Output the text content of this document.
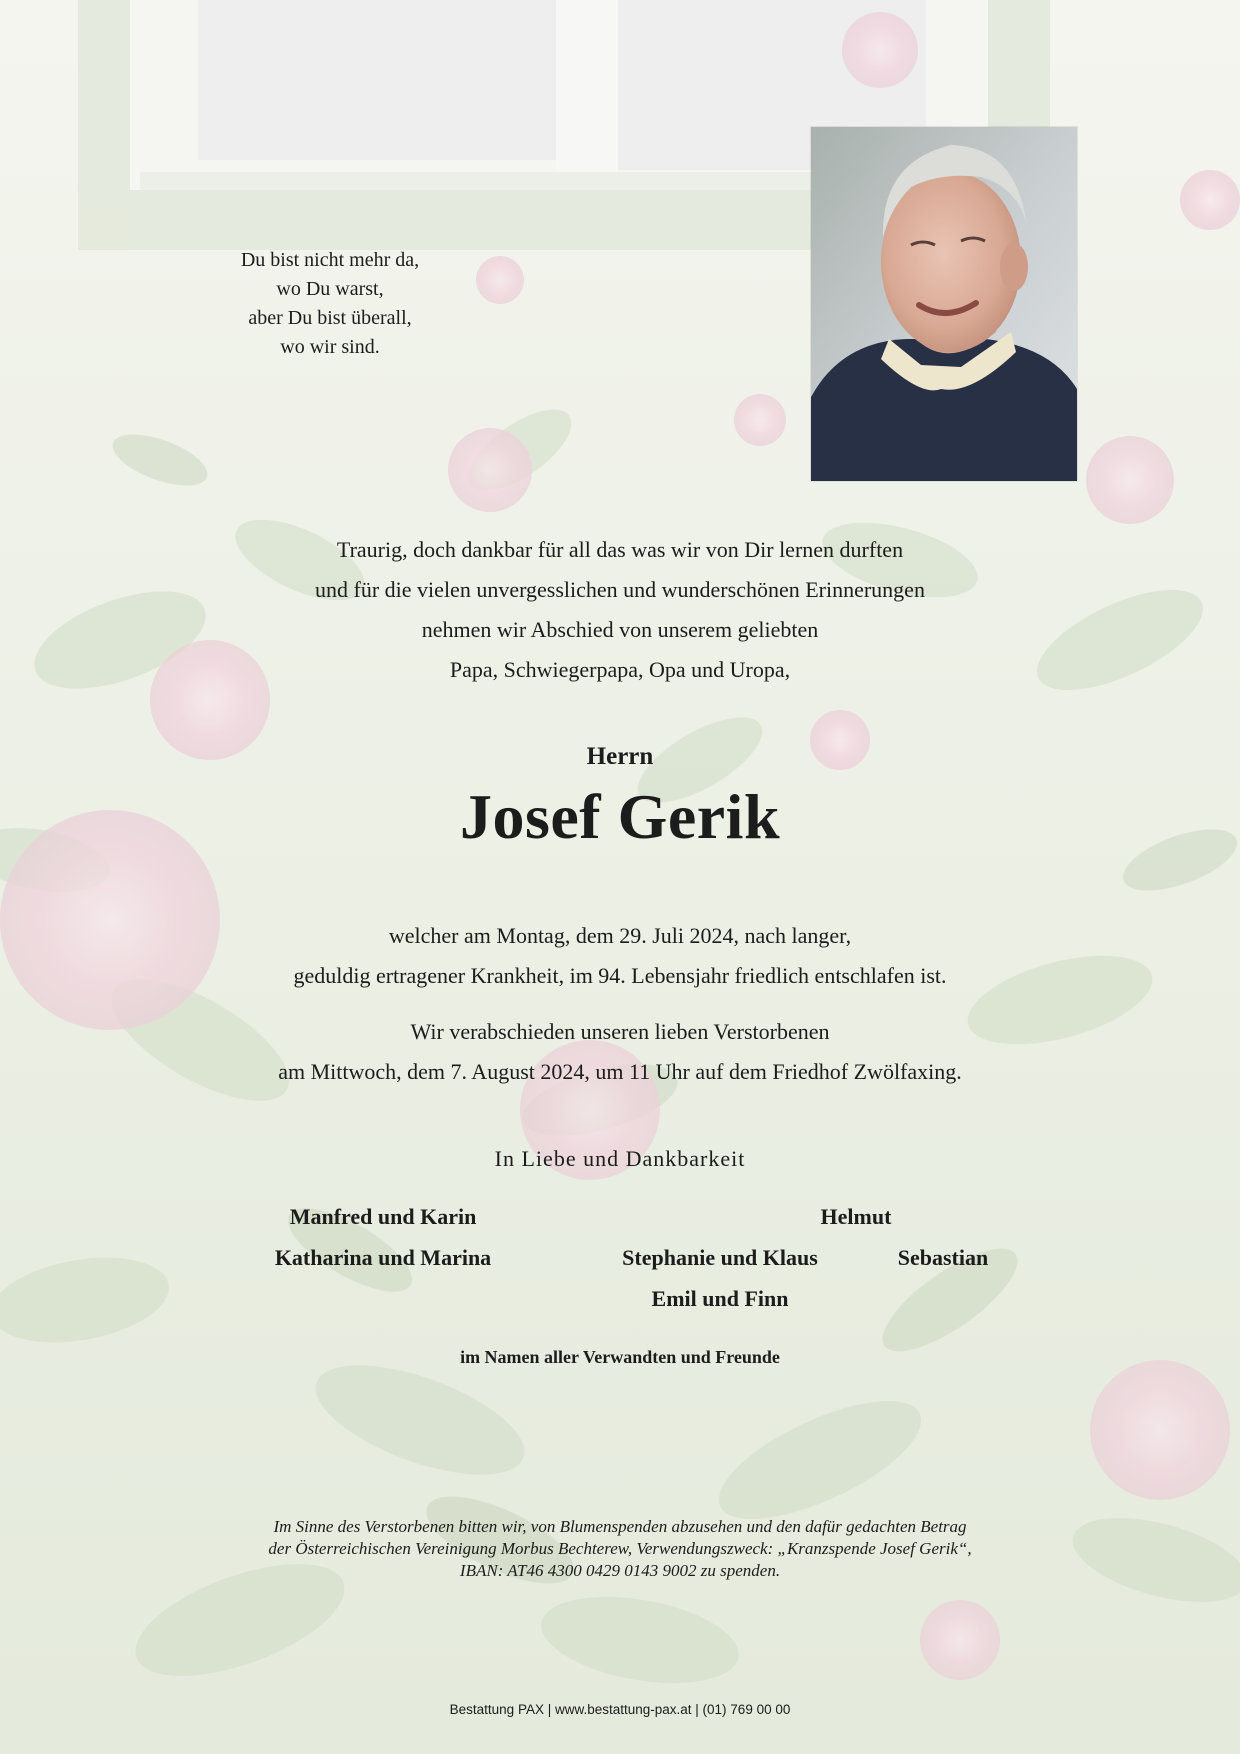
Du bist nicht mehr da,
wo Du warst,
aber Du bist überall,
wo wir sind.
Traurig, doch dankbar für all das was wir von Dir lernen durften
und für die vielen unvergesslichen und wunderschönen Erinnerungen
nehmen wir Abschied von unserem geliebten
Papa, Schwiegerpapa, Opa und Uropa,
Herrn
Josef Gerik
welcher am Montag, dem 29. Juli 2024, nach langer,
geduldig ertragener Krankheit, im 94. Lebensjahr friedlich entschlafen ist.
Wir verabschieden unseren lieben Verstorbenen
am Mittwoch, dem 7. August 2024, um 11 Uhr auf dem Friedhof Zwölfaxing.
In Liebe und Dankbarkeit
Manfred und Karin	Helmut
Katharina und Marina	Stephanie und Klaus	Sebastian
Emil und Finn
im Namen aller Verwandten und Freunde
Im Sinne des Verstorbenen bitten wir, von Blumenspenden abzusehen und den dafür gedachten Betrag
der Österreichischen Vereinigung Morbus Bechterew, Verwendungszweck: „Kranzspende Josef Gerik“,
IBAN: AT46 4300 0429 0143 9002 zu spenden.
Bestattung PAX | www.bestattung-pax.at | (01) 769 00 00
